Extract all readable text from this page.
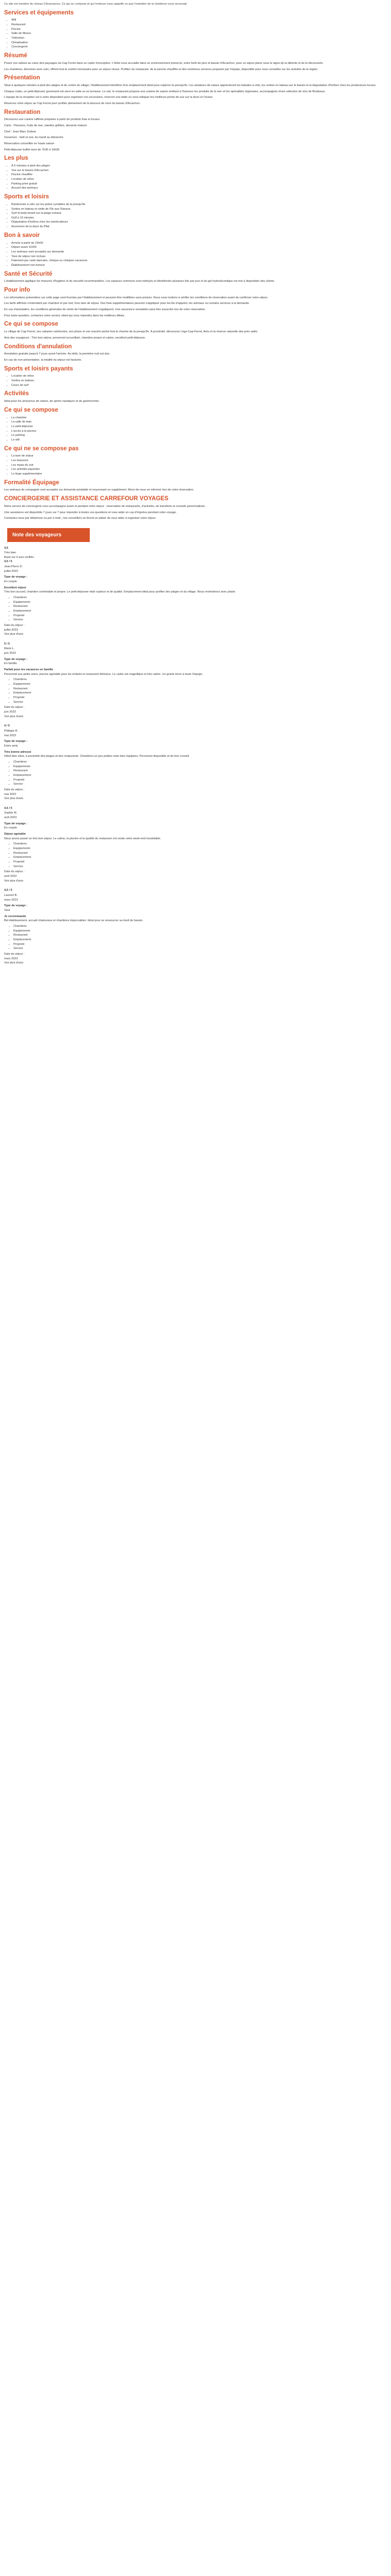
Ce site est membre du réseau Clévacances. Ce qui se compose et qui l'entoure vous rappelle ce que l'entretien de la résidence vous reconnait.

Services et équipements
• Wifi
• Restaurant
• Piscine
• Salle de fitness
• Télévision
• Climatisation
• Conciergerie
Résumé

Posez vos valises au cœur des paysages du Cap Ferret dans un cadre d'exception. L'hôtel vous accueille dans un environnement préservé, entre forêt de pins et bassin d'Arcachon, pour un séjour placé sous le signe de la détente et de la découverte.

Les chambres, décorées avec soin, offrent tout le confort nécessaire pour un séjour réussi. Profitez du restaurant, de la piscine chauffée et des nombreux services proposés par l'équipe, disponible pour vous conseiller sur les activités de la région.

Présentation

Situé à quelques minutes à pied des plages et du centre du village, l'établissement bénéficie d'un emplacement idéal pour explorer la presqu'île. Les amateurs de nature apprécieront les balades à vélo, les sorties en bateau sur le bassin et la dégustation d'huîtres chez les producteurs locaux.

Chaque matin, un petit-déjeuner gourmand est servi en salle ou en terrasse. Le soir, le restaurant propose une cuisine de saison mettant à l'honneur les produits de la mer et les spécialités régionales, accompagnés d'une sélection de vins de Bordeaux.

L'équipe de la réception est à votre disposition pour organiser vos excursions, réserver une table ou vous indiquer les meilleurs points de vue sur la dune et l'océan.

Réservez votre séjour au Cap Ferret pour profiter pleinement de la douceur de vivre du bassin d'Arcachon.

Restauration

Découvrez une cuisine raffinée préparée à partir de produits frais et locaux.

Carte : Poissons, fruits de mer, viandes grillées, desserts maison

Chef : Jean-Marc Dubois

Ouverture : midi et soir, du mardi au dimanche

Réservation conseillée en haute saison

Petit-déjeuner buffet servi de 7h30 à 10h30

Les plus
• À 5 minutes à pied des plages
• Vue sur le bassin d'Arcachon
• Piscine chauffée
• Location de vélos
• Parking privé gratuit
• Accueil des animaux
Sports et loisirs
• Randonnée à vélo sur les pistes cyclables de la presqu'île
• Sorties en bateau et visite de l'île aux Oiseaux
• Surf et body-board sur la plage océane
• Golf à 15 minutes
• Dégustation d'huîtres chez les ostréiculteurs
• Ascension de la dune du Pilat
Bon à savoir
• Arrivée à partir de 15h00
• Départ avant 11h00
• Les animaux sont acceptés sur demande
• Taxe de séjour non incluse
• Paiement par carte bancaire, chèque ou chèques vacances
• Établissement non-fumeur
Santé et Sécurité

L'établissement applique les mesures d'hygiène et de sécurité recommandées. Les espaces communs sont nettoyés et désinfectés plusieurs fois par jour et du gel hydroalcoolique est mis à disposition des clients.

Pour info

Les informations présentées sur cette page sont fournies par l'établissement et peuvent être modifiées sans préavis. Nous vous invitons à vérifier les conditions de réservation avant de confirmer votre séjour.

Les tarifs affichés s'entendent par chambre et par nuit, hors taxe de séjour. Des frais supplémentaires peuvent s'appliquer pour les lits d'appoint, les animaux ou certains services à la demande.

En cas d'annulation, les conditions générales de vente de l'établissement s'appliquent. Une assurance annulation peut être souscrite lors de votre réservation.

Pour toute question, contactez notre service client qui vous répondra dans les meilleurs délais.

Ce qui se compose

Le village de Cap Ferret, ses cabanes ostréicoles, son phare et son marché animé font le charme de la presqu'île. À proximité, découvrez Lège-Cap-Ferret, Arès et la réserve naturelle des prés salés.

Avis des voyageurs : Très bon séjour, personnel accueillant, chambre propre et calme, excellent petit-déjeuner.

Conditions d'annulation

Annulation gratuite jusqu'à 7 jours avant l'arrivée. Au-delà, la première nuit est due.

En cas de non-présentation, la totalité du séjour est facturée.

Sports et loisirs payants
• Location de vélos
• Sorties en bateau
• Cours de surf
Activités

Idéal pour les amoureux de nature, de sports nautiques et de gastronomie.

Ce qui se compose
• La chambre
• La salle de bain
• Le petit-déjeuner
• L'accès à la piscine
• Le parking
• Le wifi
Ce qui ne se compose pas
• La taxe de séjour
• Les boissons
• Les repas du soir
• Les activités payantes
• Le linge supplémentaire
Formalité Équipage

Les animaux de compagnie sont acceptés sur demande préalable et moyennant un supplément. Merci de nous en informer lors de votre réservation.

CONCIERGERIE ET ASSISTANCE CARREFOUR VOYAGES

Notre service de conciergerie vous accompagne avant et pendant votre séjour : réservation de restaurants, d'activités, de transferts et conseils personnalisés.

Une assistance est disponible 7 jours sur 7 pour répondre à toutes vos questions et vous aider en cas d'imprévu pendant votre voyage.

Contactez-nous par téléphone ou par e-mail ; nos conseillers se feront un plaisir de vous aider à organiser votre séjour.

Note des voyageurs

4,5

Très bien

Basé sur 6 avis vérifiés

4,5 / 5

Jean-Pierre D.

juillet 2023

Type de voyage :

En couple

Excellent séjour

Très bon accueil, chambre confortable et propre. Le petit-déjeuner était copieux et de qualité. Emplacement idéal pour profiter des plages et du village. Nous reviendrons avec plaisir.

▪ Chambres
▪ Équipements
▪ Restaurant
▪ Emplacement
▪ Propreté
▪ Service

Date du séjour :

juillet 2023

Voir plus d'avis

5 / 5

Marie L.

juin 2023

Type de voyage :

En famille

Parfait pour les vacances en famille

Personnel aux petits soins, piscine agréable pour les enfants et restaurant délicieux. Le cadre est magnifique et très calme. Un grand merci à toute l'équipe.

▪ Chambres
▪ Équipements
▪ Restaurant
▪ Emplacement
▪ Propreté
▪ Service

Date du séjour :

juin 2023

Voir plus d'avis

4 / 5

Philippe R.

mai 2023

Type de voyage :

Entre amis

Très bonne adresse

Hôtel bien situé, à proximité des plages et des restaurants. Chambres un peu petites mais bien équipées. Personnel disponible et de bon conseil.

▪ Chambres
▪ Équipements
▪ Restaurant
▪ Emplacement
▪ Propreté
▪ Service

Date du séjour :

mai 2023

Voir plus d'avis

4,5 / 5

Sophie M.

avril 2023

Type de voyage :

En couple

Séjour agréable

Nous avons passé un très bon séjour. Le calme, la piscine et la qualité du restaurant ont rendu notre week-end inoubliable.

▪ Chambres
▪ Équipements
▪ Restaurant
▪ Emplacement
▪ Propreté
▪ Service

Date du séjour :

avril 2023

Voir plus d'avis

4,5 / 5

Laurent B.

mars 2023

Type de voyage :

Seul

Je recommande

Bel établissement, accueil chaleureux et chambres impeccables. Idéal pour se ressourcer au bord du bassin.

▪ Chambres
▪ Équipements
▪ Restaurant
▪ Emplacement
▪ Propreté
▪ Service

Date du séjour :

mars 2023

Voir plus d'avis
